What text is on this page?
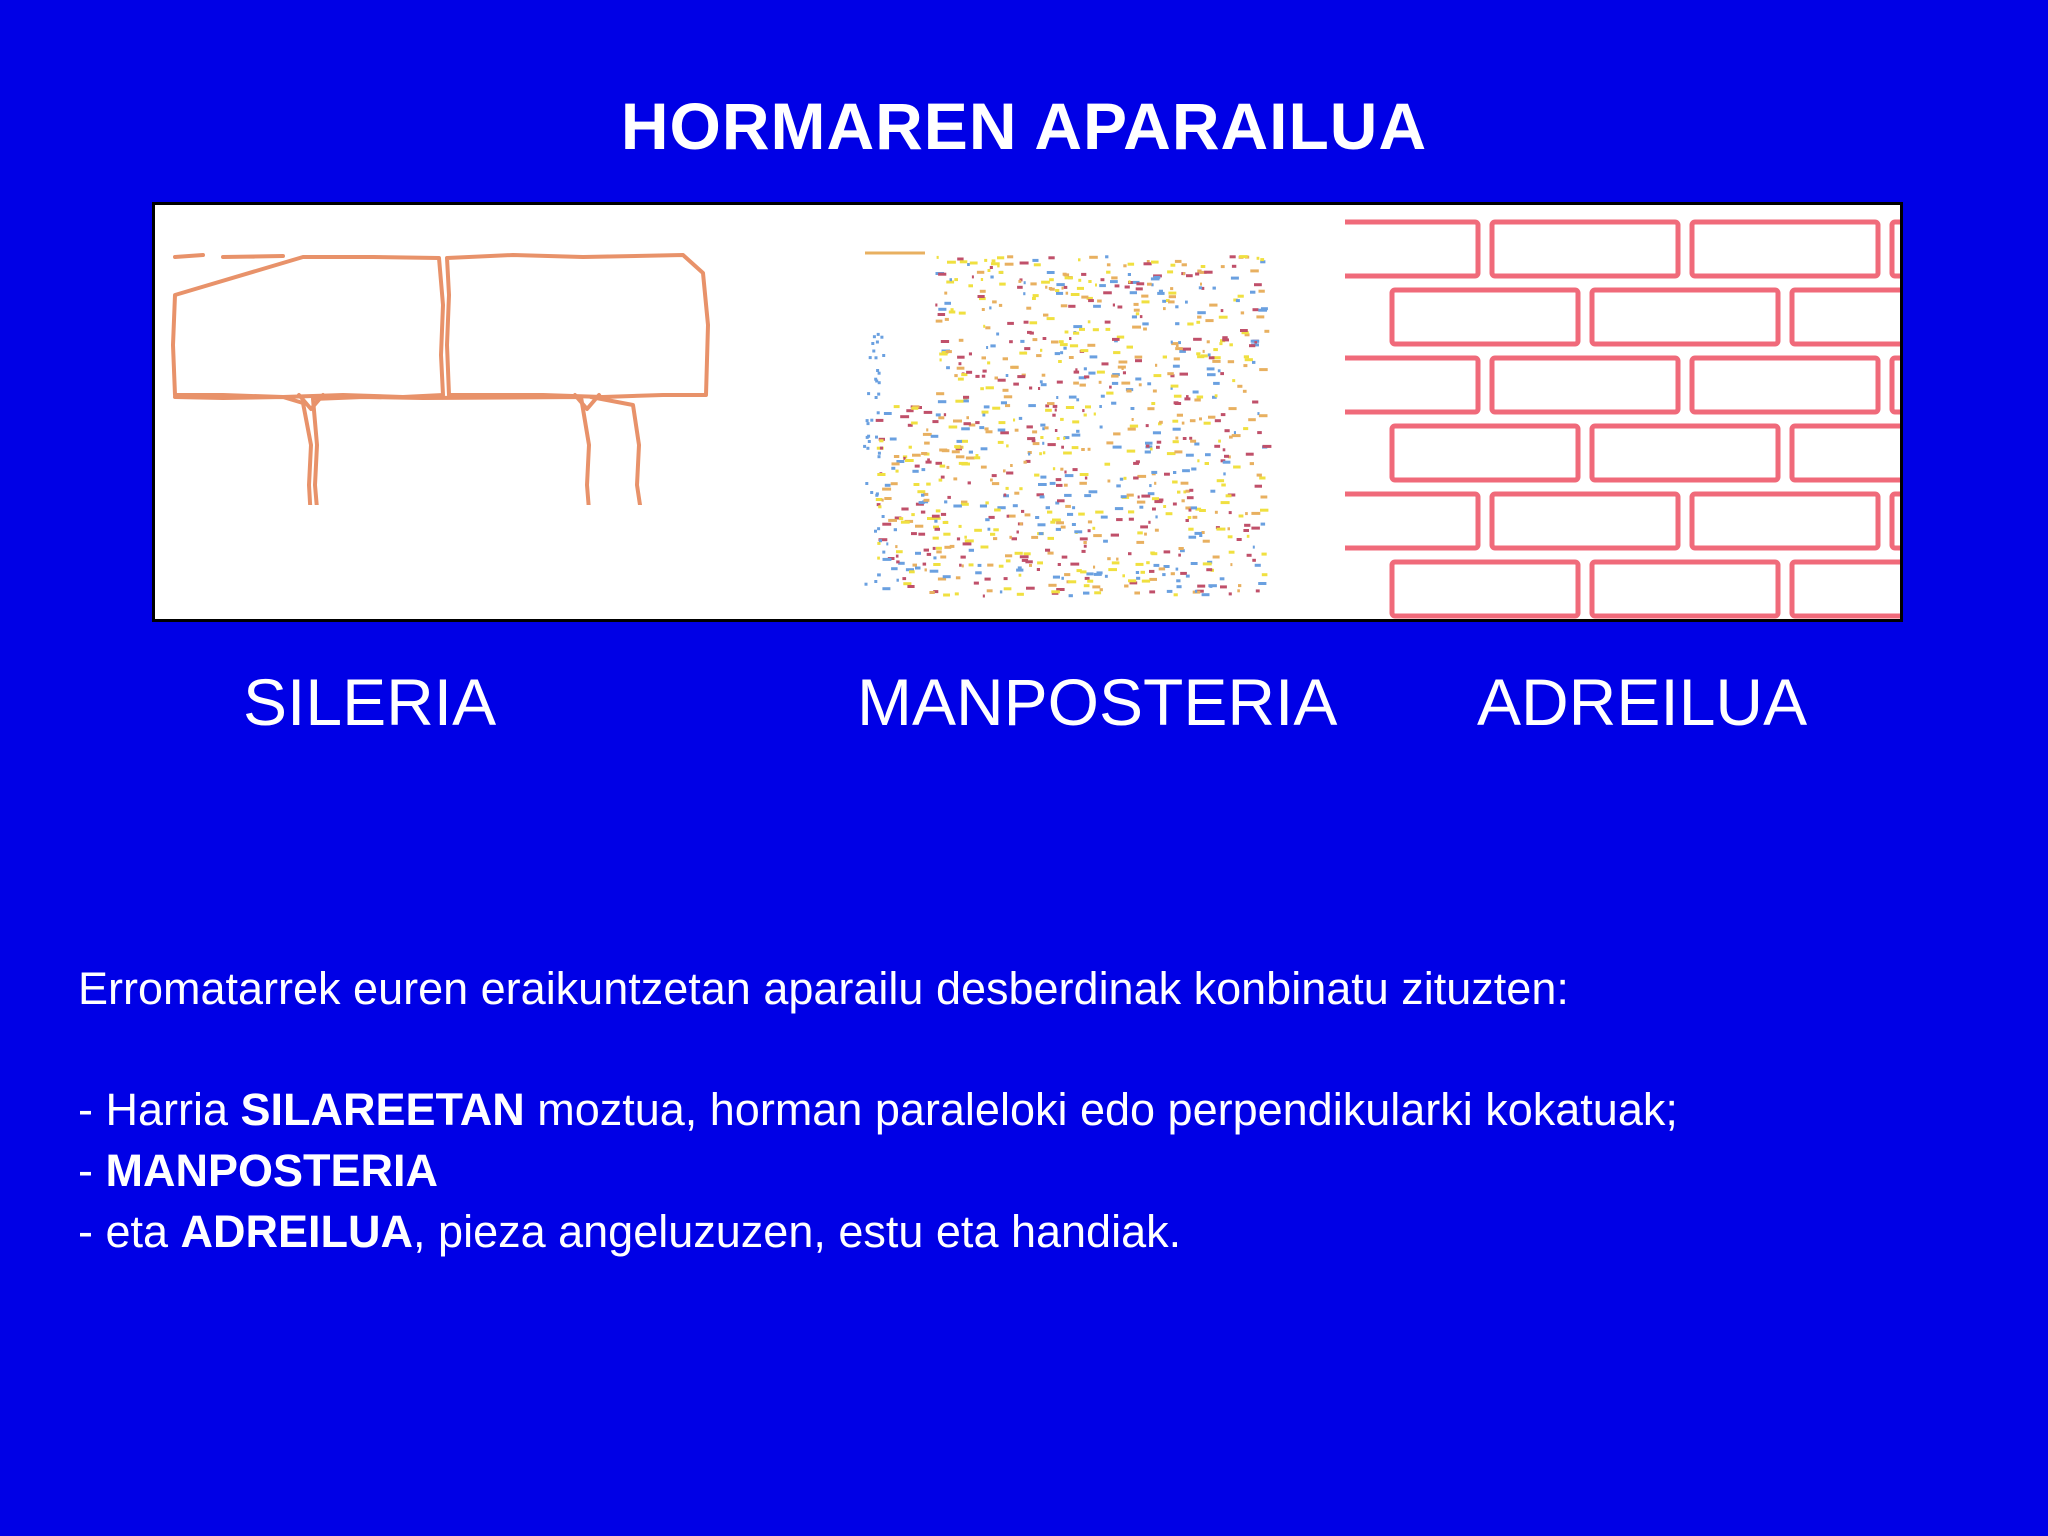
HORMAREN APARAILUA
SILERIA	MANPOSTERIA ADREILUA
Erromatarrek euren eraikuntzetan aparailu desberdinak konbinatu zituzten:
- Harria SILAREETAN moztua, horman paraleloki edo perpendikularki kokatuak;
- MANPOSTERIA
- eta ADREILUA, pieza angeluzuzen, estu eta handiak.
